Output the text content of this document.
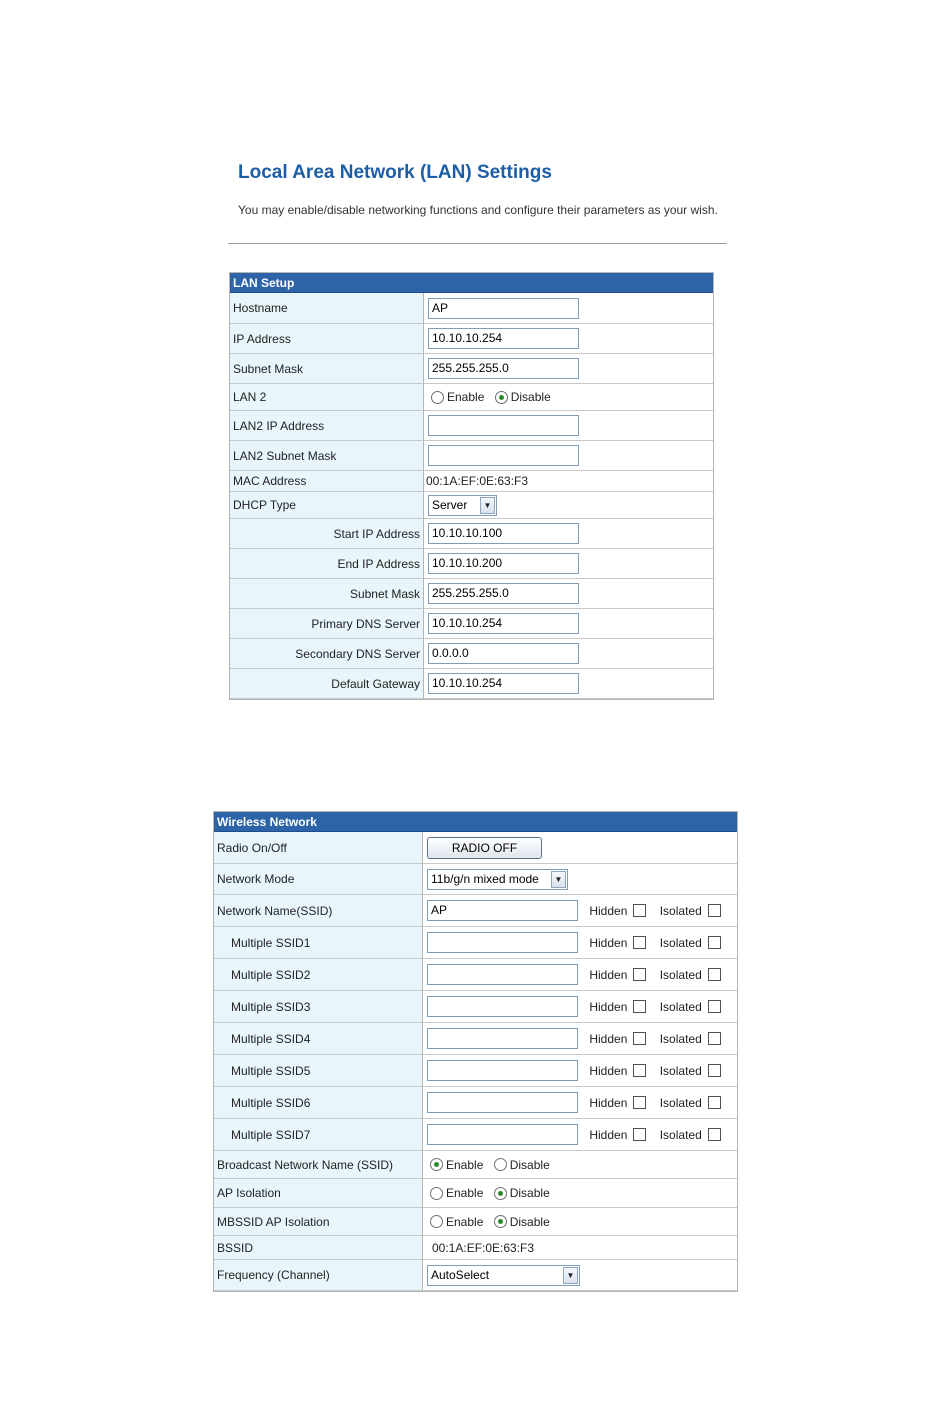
Local Area Network (LAN) Settings

You may enable/disable networking functions and configure their parameters as your wish.

LAN Setup	
Hostname	AP
IP Address	10.10.10.254
Subnet Mask	255.255.255.0
LAN 2	Enable Disable
LAN2 IP Address	
LAN2 Subnet Mask	
MAC Address	00:1A:EF:0E:63:F3
DHCP Type	Server ▼

Start IP Address	10.10.10.100
End IP Address	10.10.10.200
Subnet Mask	255.255.255.0
Primary DNS Server	10.10.10.254
Secondary DNS Server	0.0.0.0
Default Gateway	10.10.10.254
Wireless Network	
Radio On/Off	RADIO OFF
Network Mode	11b/g/n mixed mode ▼

Network Name(SSID)	AP Hidden Isolated
Multiple SSID1	Hidden Isolated
Multiple SSID2	Hidden Isolated
Multiple SSID3	Hidden Isolated
Multiple SSID4	Hidden Isolated
Multiple SSID5	Hidden Isolated
Multiple SSID6	Hidden Isolated
Multiple SSID7	Hidden Isolated
Broadcast Network Name (SSID)	Enable Disable
AP Isolation	Enable Disable
MBSSID AP Isolation	Enable Disable
BSSID	00:1A:EF:0E:63:F3
Frequency (Channel)	AutoSelect ▼
